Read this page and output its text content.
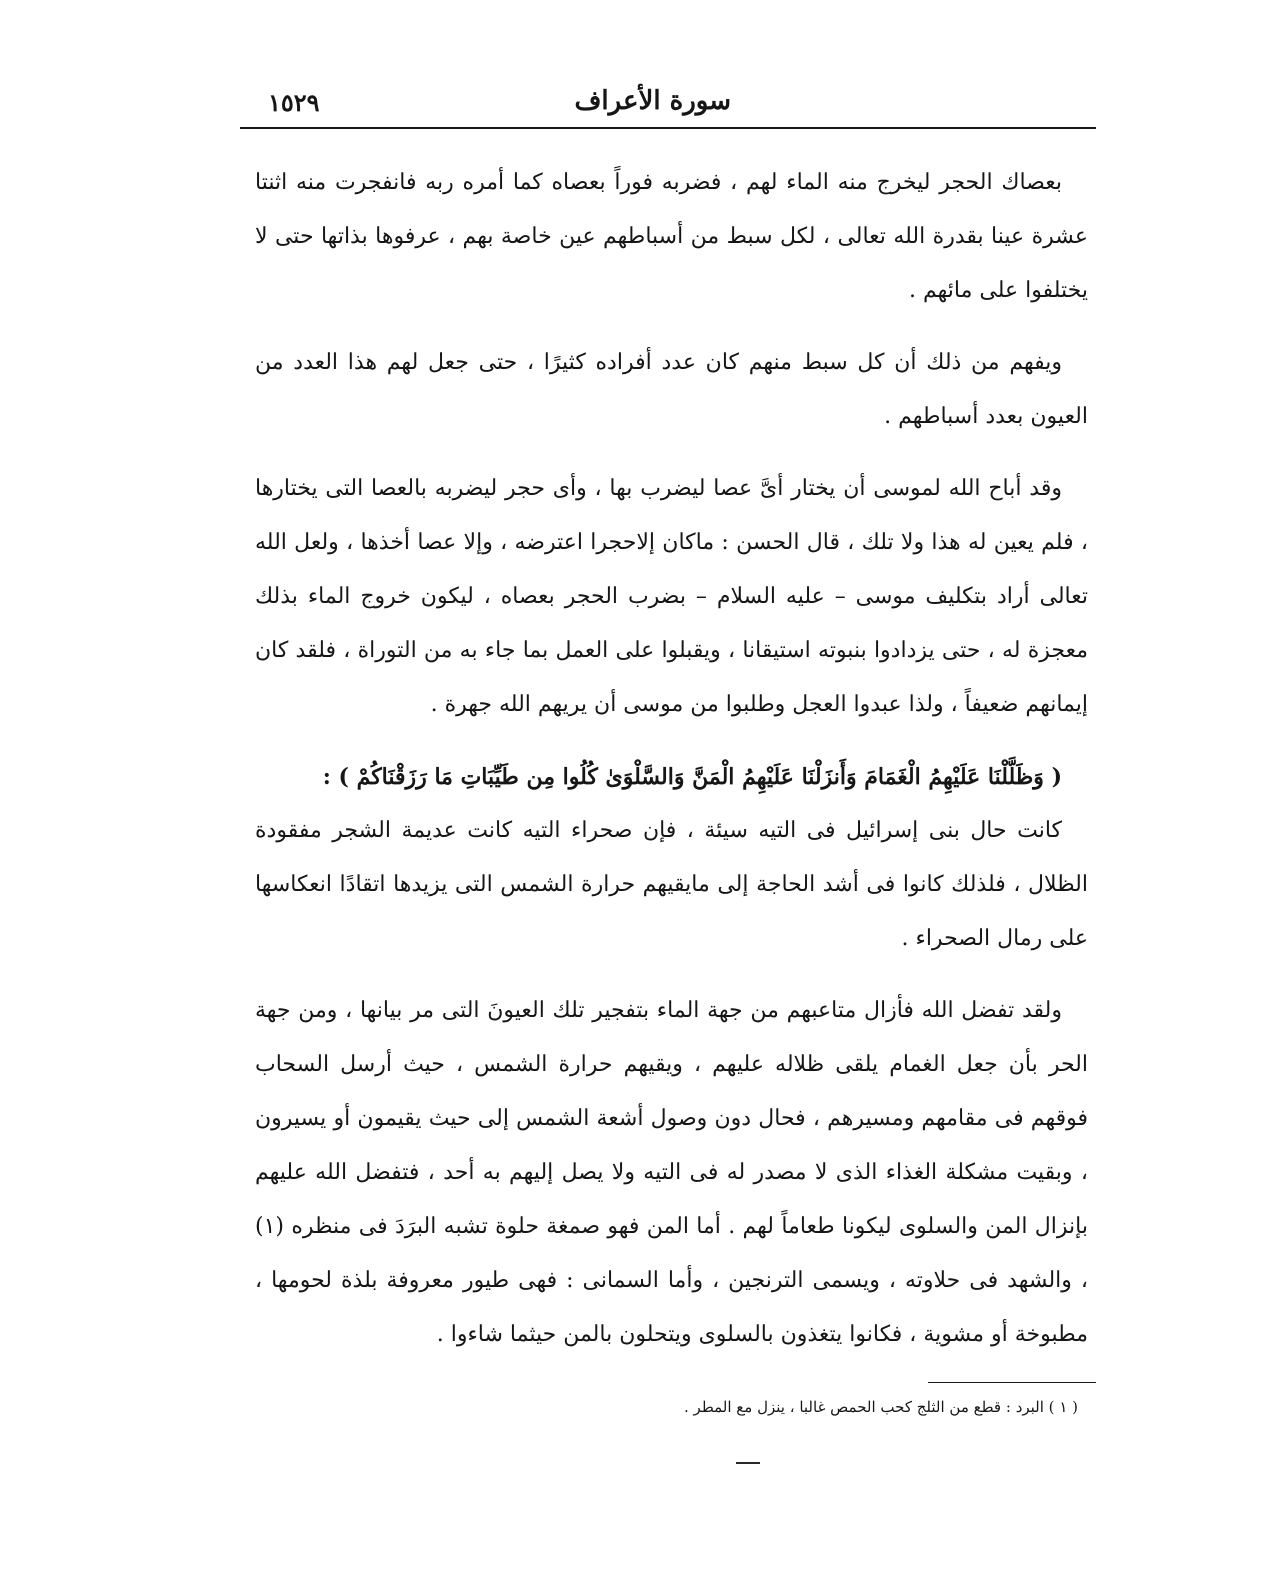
سورة الأعراف
١٥٢٩

بعصاك الحجر ليخرج منه الماء لهم ، فضربه فوراً بعصاه كما أمره ربه فانفجرت منه اثنتا عشرة عينا بقدرة الله تعالى ، لكل سبط من أسباطهم عين خاصة بهم ، عرفوها بذاتها حتى لا يختلفوا على مائهم .

ويفهم من ذلك أن كل سبط منهم كان عدد أفراده كثيرًا ، حتى جعل لهم هذا العدد من العيون بعدد أسباطهم .

وقد أباح الله لموسى أن يختار أىَّ عصا ليضرب بها ، وأى حجر ليضربه بالعصا التى يختارها ، فلم يعين له هذا ولا تلك ، قال الحسن : ماكان إلاحجرا اعترضه ، وإلا عصا أخذها ، ولعل الله تعالى أراد بتكليف موسى – عليه السلام – بضرب الحجر بعصاه ، ليكون خروج الماء بذلك معجزة له ، حتى يزدادوا بنبوته استيقانا ، ويقبلوا على العمل بما جاء به من التوراة ، فلقد كان إيمانهم ضعيفاً ، ولذا عبدوا العجل وطلبوا من موسى أن يريهم الله جهرة .

( وَظَلَّلْنَا عَلَيْهِمُ الْغَمَامَ وَأَنزَلْنَا عَلَيْهِمُ الْمَنَّ وَالسَّلْوَىٰ كُلُوا مِن طَيِّبَاتِ مَا رَزَقْنَاكُمْ ) :

كانت حال بنى إسرائيل فى التيه سيئة ، فإن صحراء التيه كانت عديمة الشجر مفقودة الظلال ، فلذلك كانوا فى أشد الحاجة إلى مايقيهم حرارة الشمس التى يزيدها اتقادًا انعكاسها على رمال الصحراء .

ولقد تفضل الله فأزال متاعبهم من جهة الماء بتفجير تلك العيونَ التى مر بيانها ، ومن جهة الحر بأن جعل الغمام يلقى ظلاله عليهم ، ويقيهم حرارة الشمس ، حيث أرسل السحاب فوقهم فى مقامهم ومسيرهم ، فحال دون وصول أشعة الشمس إلى حيث يقيمون أو يسيرون ، وبقيت مشكلة الغذاء الذى لا مصدر له فى التيه ولا يصل إليهم به أحد ، فتفضل الله عليهم بإنزال المن والسلوى ليكونا طعاماً لهم . أما المن فهو صمغة حلوة تشبه البرَدَ فى منظره (١) ، والشهد فى حلاوته ، ويسمى الترنجين ، وأما السمانى : فهى طيور معروفة بلذة لحومها ، مطبوخة أو مشوية ، فكانوا يتغذون بالسلوى ويتحلون بالمن حيثما شاءوا .

( ١ ) البرد : قطع من الثلج كحب الحمص غالبا ، ينزل مع المطر .
